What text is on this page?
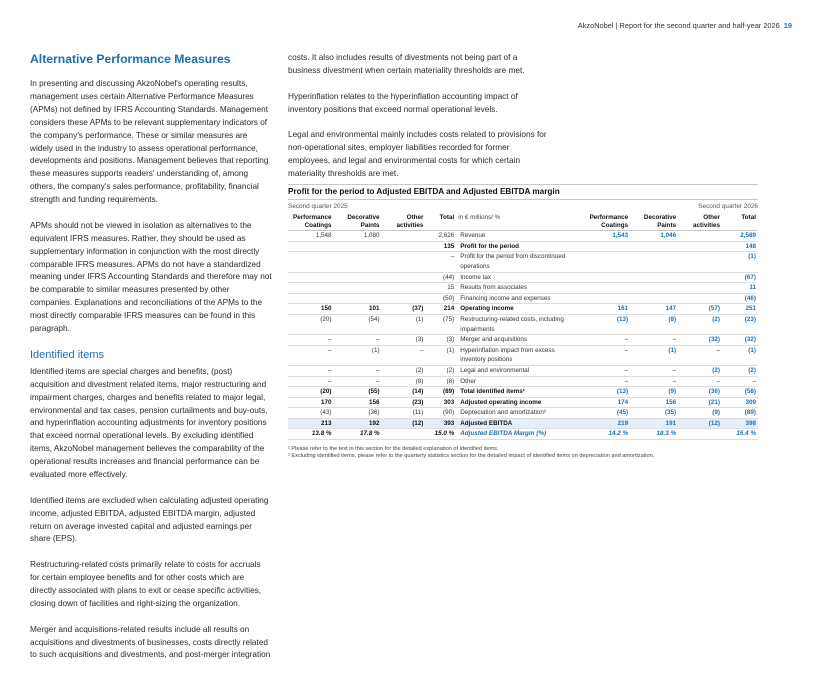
AkzoNobel | Report for the second quarter and half-year 2026 19
Alternative Performance Measures

In presenting and discussing AkzoNobel's operating results, management uses certain Alternative Performance Measures (APMs) not defined by IFRS Accounting Standards. Management considers these APMs to be relevant supplementary indicators of the company's performance. These or similar measures are widely used in the industry to assess operational performance, developments and positions. Management believes that reporting these measures supports readers' understanding of, among others, the company's sales performance, profitability, financial strength and funding requirements.

APMs should not be viewed in isolation as alternatives to the equivalent IFRS measures. Rather, they should be used as supplementary information in conjunction with the most directly comparable IFRS measures. APMs do not have a standardized meaning under IFRS Accounting Standards and therefore may not be comparable to similar measures presented by other companies. Explanations and reconciliations of the APMs to the most directly comparable IFRS measures can be found in this paragraph.

Identified items

Identified items are special charges and benefits, (post) acquisition and divestment related items, major restructuring and impairment charges, charges and benefits related to major legal, environmental and tax cases, pension curtailments and buy-outs, and hyperinflation accounting adjustments for inventory positions that exceed normal operational levels. By excluding identified items, AkzoNobel management believes the comparability of the operational results increases and financial performance can be evaluated more effectively.

Identified items are excluded when calculating adjusted operating income, adjusted EBITDA, adjusted EBITDA margin, adjusted return on average invested capital and adjusted earnings per share (EPS).

Restructuring-related costs primarily relate to costs for accruals for certain employee benefits and for other costs which are directly associated with plans to exit or cease specific activities, closing down of facilities and right-sizing the organization.

Merger and acquisitions-related results include all results on acquisitions and divestments of businesses, costs directly related to such acquisitions and divestments, and post-merger integration

costs. It also includes results of divestments not being part of a business divestment when certain materiality thresholds are met.

Hyperinflation relates to the hyperinflation accounting impact of inventory positions that exceed normal operational levels.

Legal and environmental mainly includes costs related to provisions for non-operational sites, employer liabilities recorded for former employees, and legal and environmental costs for which certain materiality thresholds are met.

Profit for the period to Adjusted EBITDA and Adjusted EBITDA margin
Second quarter 2025	Second quarter 2026
Performance Coatings	Decorative Paints	Other activities	Total	in € millions/ %	Performance Coatings	Decorative Paints	Other activities	Total
1,548	1,080		2,626	Revenue	1,543	1,046		2,589
			135	Profit for the period				148
			–	Profit for the period from discontinued operations				(1)
			(44)	Income tax				(67)
			15	Results from associates				11
			(50)	Financing income and expenses				(46)
150	101	(37)	214	Operating income	161	147	(57)	251
(20)	(54)	(1)	(75)	Restructuring-related costs, including impairments	(13)	(8)	(2)	(23)
–	–	(3)	(3)	Merger and acquisitions	–	–	(32)	(32)
–	(1)	–	(1)	Hyperinflation impact from excess inventory positions	–	(1)	–	(1)
–	–	(2)	(2)	Legal and environmental	–	–	(2)	(2)
–	–	(8)	(8)	Other	–	–	–	–
(20)	(55)	(14)	(89)	Total identified items¹	(13)	(9)	(36)	(58)
170	156	(23)	303	Adjusted operating income	174	156	(21)	309
(43)	(36)	(11)	(90)	Depreciation and amortization²	(45)	(35)	(9)	(89)
213	192	(12)	393	Adjusted EBITDA	219	191	(12)	398
13.8 %	17.8 %		15.0 %	Adjusted EBITDA Margin (%)	14.2 %	18.3 %		15.4 %
¹ Please refer to the text in this section for the detailed explanation of identified items.
² Excluding identified items, please refer to the quarterly statistics section for the detailed impact of identified items on depreciation and amortization.
